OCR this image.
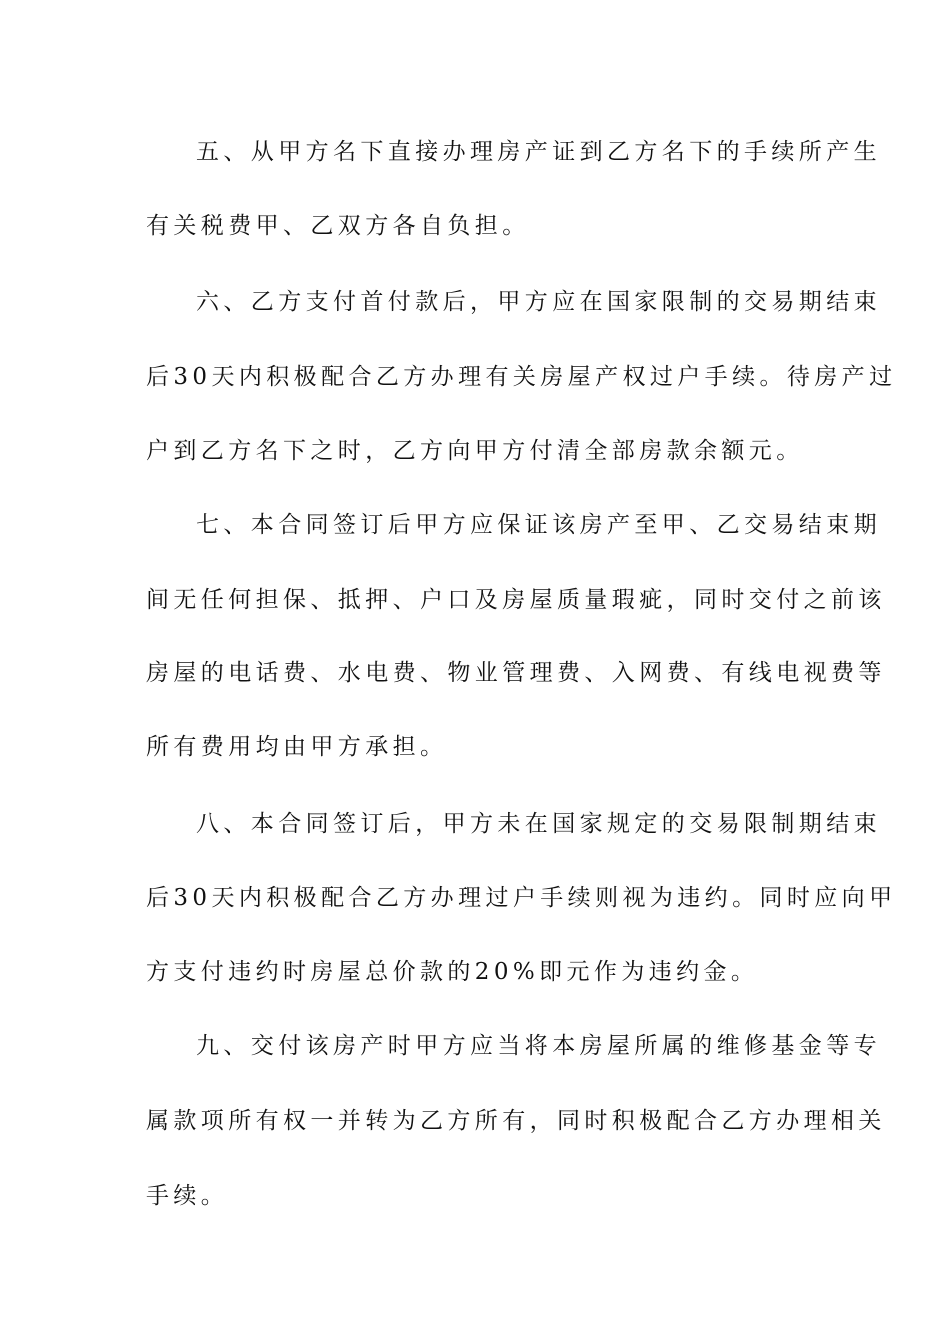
五、从甲方名下直接办理房产证到乙方名下的手续所产生
有关税费甲、乙双方各自负担。
六、乙方支付首付款后，甲方应在国家限制的交易期结束
后30天内积极配合乙方办理有关房屋产权过户手续。待房产过
户到乙方名下之时，乙方向甲方付清全部房款余额元。
七、本合同签订后甲方应保证该房产至甲、乙交易结束期
间无任何担保、抵押、户口及房屋质量瑕疵，同时交付之前该
房屋的电话费、水电费、物业管理费、入网费、有线电视费等
所有费用均由甲方承担。
八、本合同签订后，甲方未在国家规定的交易限制期结束
后30天内积极配合乙方办理过户手续则视为违约。同时应向甲
方支付违约时房屋总价款的20%即元作为违约金。
九、交付该房产时甲方应当将本房屋所属的维修基金等专
属款项所有权一并转为乙方所有，同时积极配合乙方办理相关
手续。
